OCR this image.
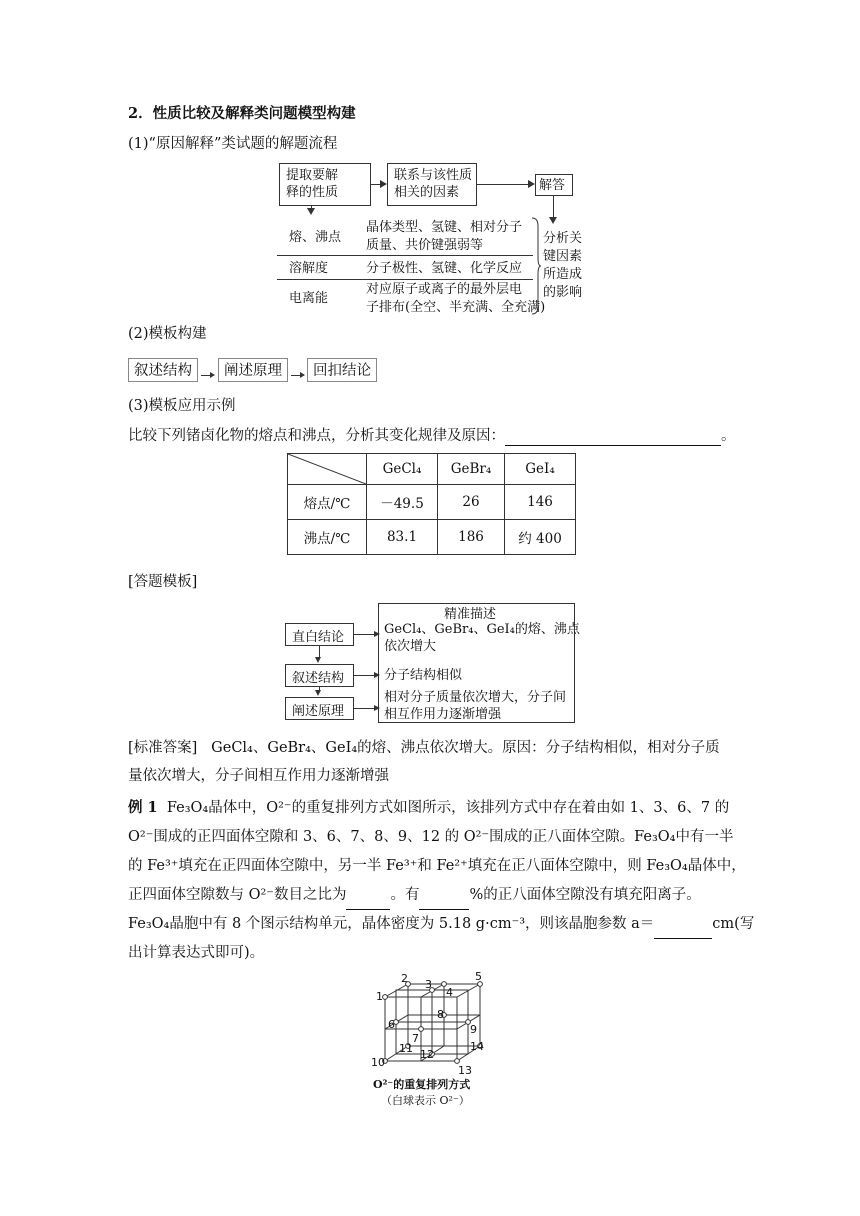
2．性质比较及解释类问题模型构建
(1)“原因解释”类试题的解题流程
提取要解
释的性质
联系与该性质
相关的因素	解答
熔、沸点
晶体类型、氢键、相对分子
质量、共价键强弱等
溶解度	分子极性、氢键、化学反应
电离能
对应原子或离子的最外层电
子排布(全空、半充满、全充满)
分析关
键因素
所造成
的影响
(2)模板构建
叙述结构	阐述原理	回扣结论
(3)模板应用示例
比较下列锗卤化物的熔点和沸点，分析其变化规律及原因：	。
	GeCl₄	GeBr₄	GeI₄
熔点/℃	－49.5	26	146
沸点/℃	83.1	186	约 400
[答题模板]
直白结论
叙述结构
阐述原理
精准描述
GeCl₄、GeBr₄、GeI₄的熔、沸点
依次增大
分子结构相似
相对分子质量依次增大，分子间
相互作用力逐渐增强
[标准答案] GeCl₄、GeBr₄、GeI₄的熔、沸点依次增大。原因：分子结构相似，相对分子质
量依次增大，分子间相互作用力逐渐增强
例 1 Fe₃O₄晶体中，O²⁻的重复排列方式如图所示，该排列方式中存在着由如 1、3、6、7 的
O²⁻围成的正四面体空隙和 3、6、7、8、9、12 的 O²⁻围成的正八面体空隙。Fe₃O₄中有一半
的 Fe³⁺填充在正四面体空隙中，另一半 Fe³⁺和 Fe²⁺填充在正八面体空隙中，则 Fe₃O₄晶体中，
正四面体空隙数与 O²⁻数目之比为	。有	%的正八面体空隙没有填充阳离子。
Fe₃O₄晶胞中有 8 个图示结构单元，晶体密度为 5.18 g·cm⁻³，则该晶胞参数 a＝	cm(写
出计算表达式即可)。
1
2 3
4
5
6
7
8
9
10
11 12
13
14
O²⁻的重复排列方式
（白球表示 O²⁻）
